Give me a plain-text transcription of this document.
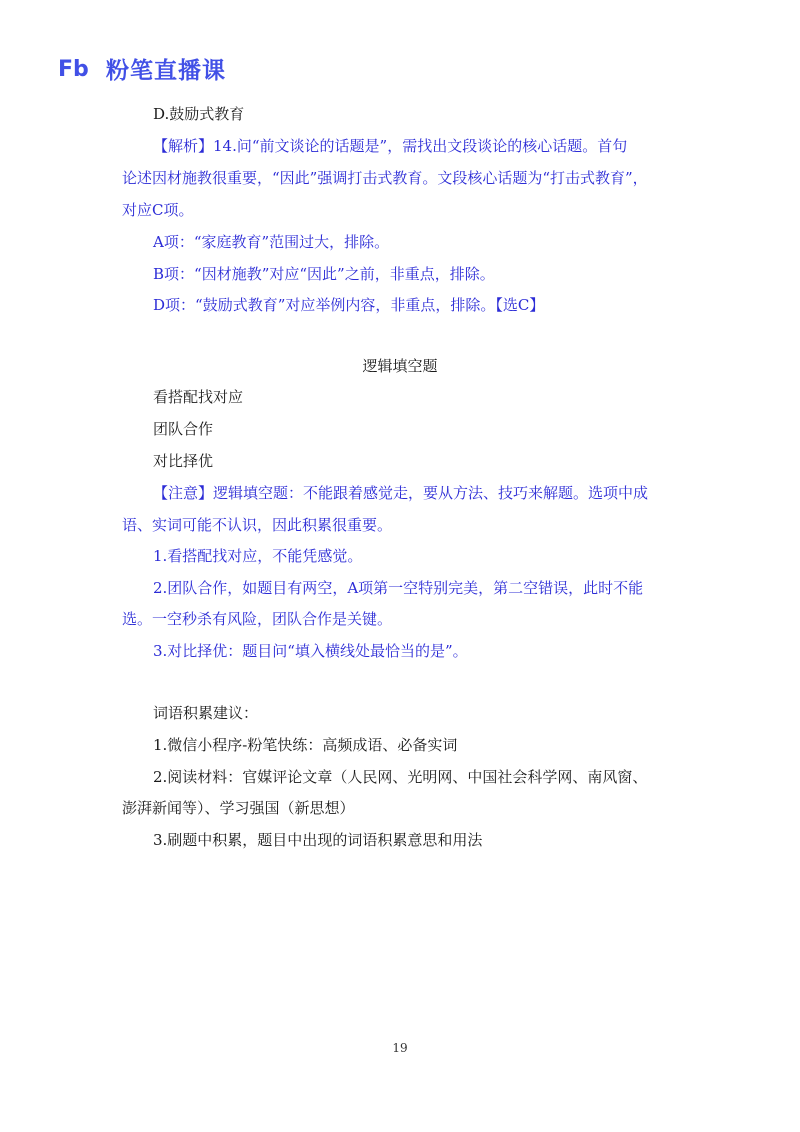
Fb 粉笔直播课
D.鼓励式教育
【解析】14.问“前文谈论的话题是”，需找出文段谈论的核心话题。首句
论述因材施教很重要，“因此”强调打击式教育。文段核心话题为“打击式教育”，
对应C项。
A项：“家庭教育”范围过大，排除。
B项：“因材施教”对应“因此”之前，非重点，排除。
D项：“鼓励式教育”对应举例内容，非重点，排除。【选C】
逻辑填空题
看搭配找对应
团队合作
对比择优
【注意】逻辑填空题：不能跟着感觉走，要从方法、技巧来解题。选项中成
语、实词可能不认识，因此积累很重要。
1.看搭配找对应，不能凭感觉。
2.团队合作，如题目有两空，A项第一空特别完美，第二空错误，此时不能
选。一空秒杀有风险，团队合作是关键。
3.对比择优：题目问“填入横线处最恰当的是”。
词语积累建议：
1.微信小程序-粉笔快练：高频成语、必备实词
2.阅读材料：官媒评论文章（人民网、光明网、中国社会科学网、南风窗、
澎湃新闻等）、学习强国（新思想）
3.刷题中积累，题目中出现的词语积累意思和用法
19
